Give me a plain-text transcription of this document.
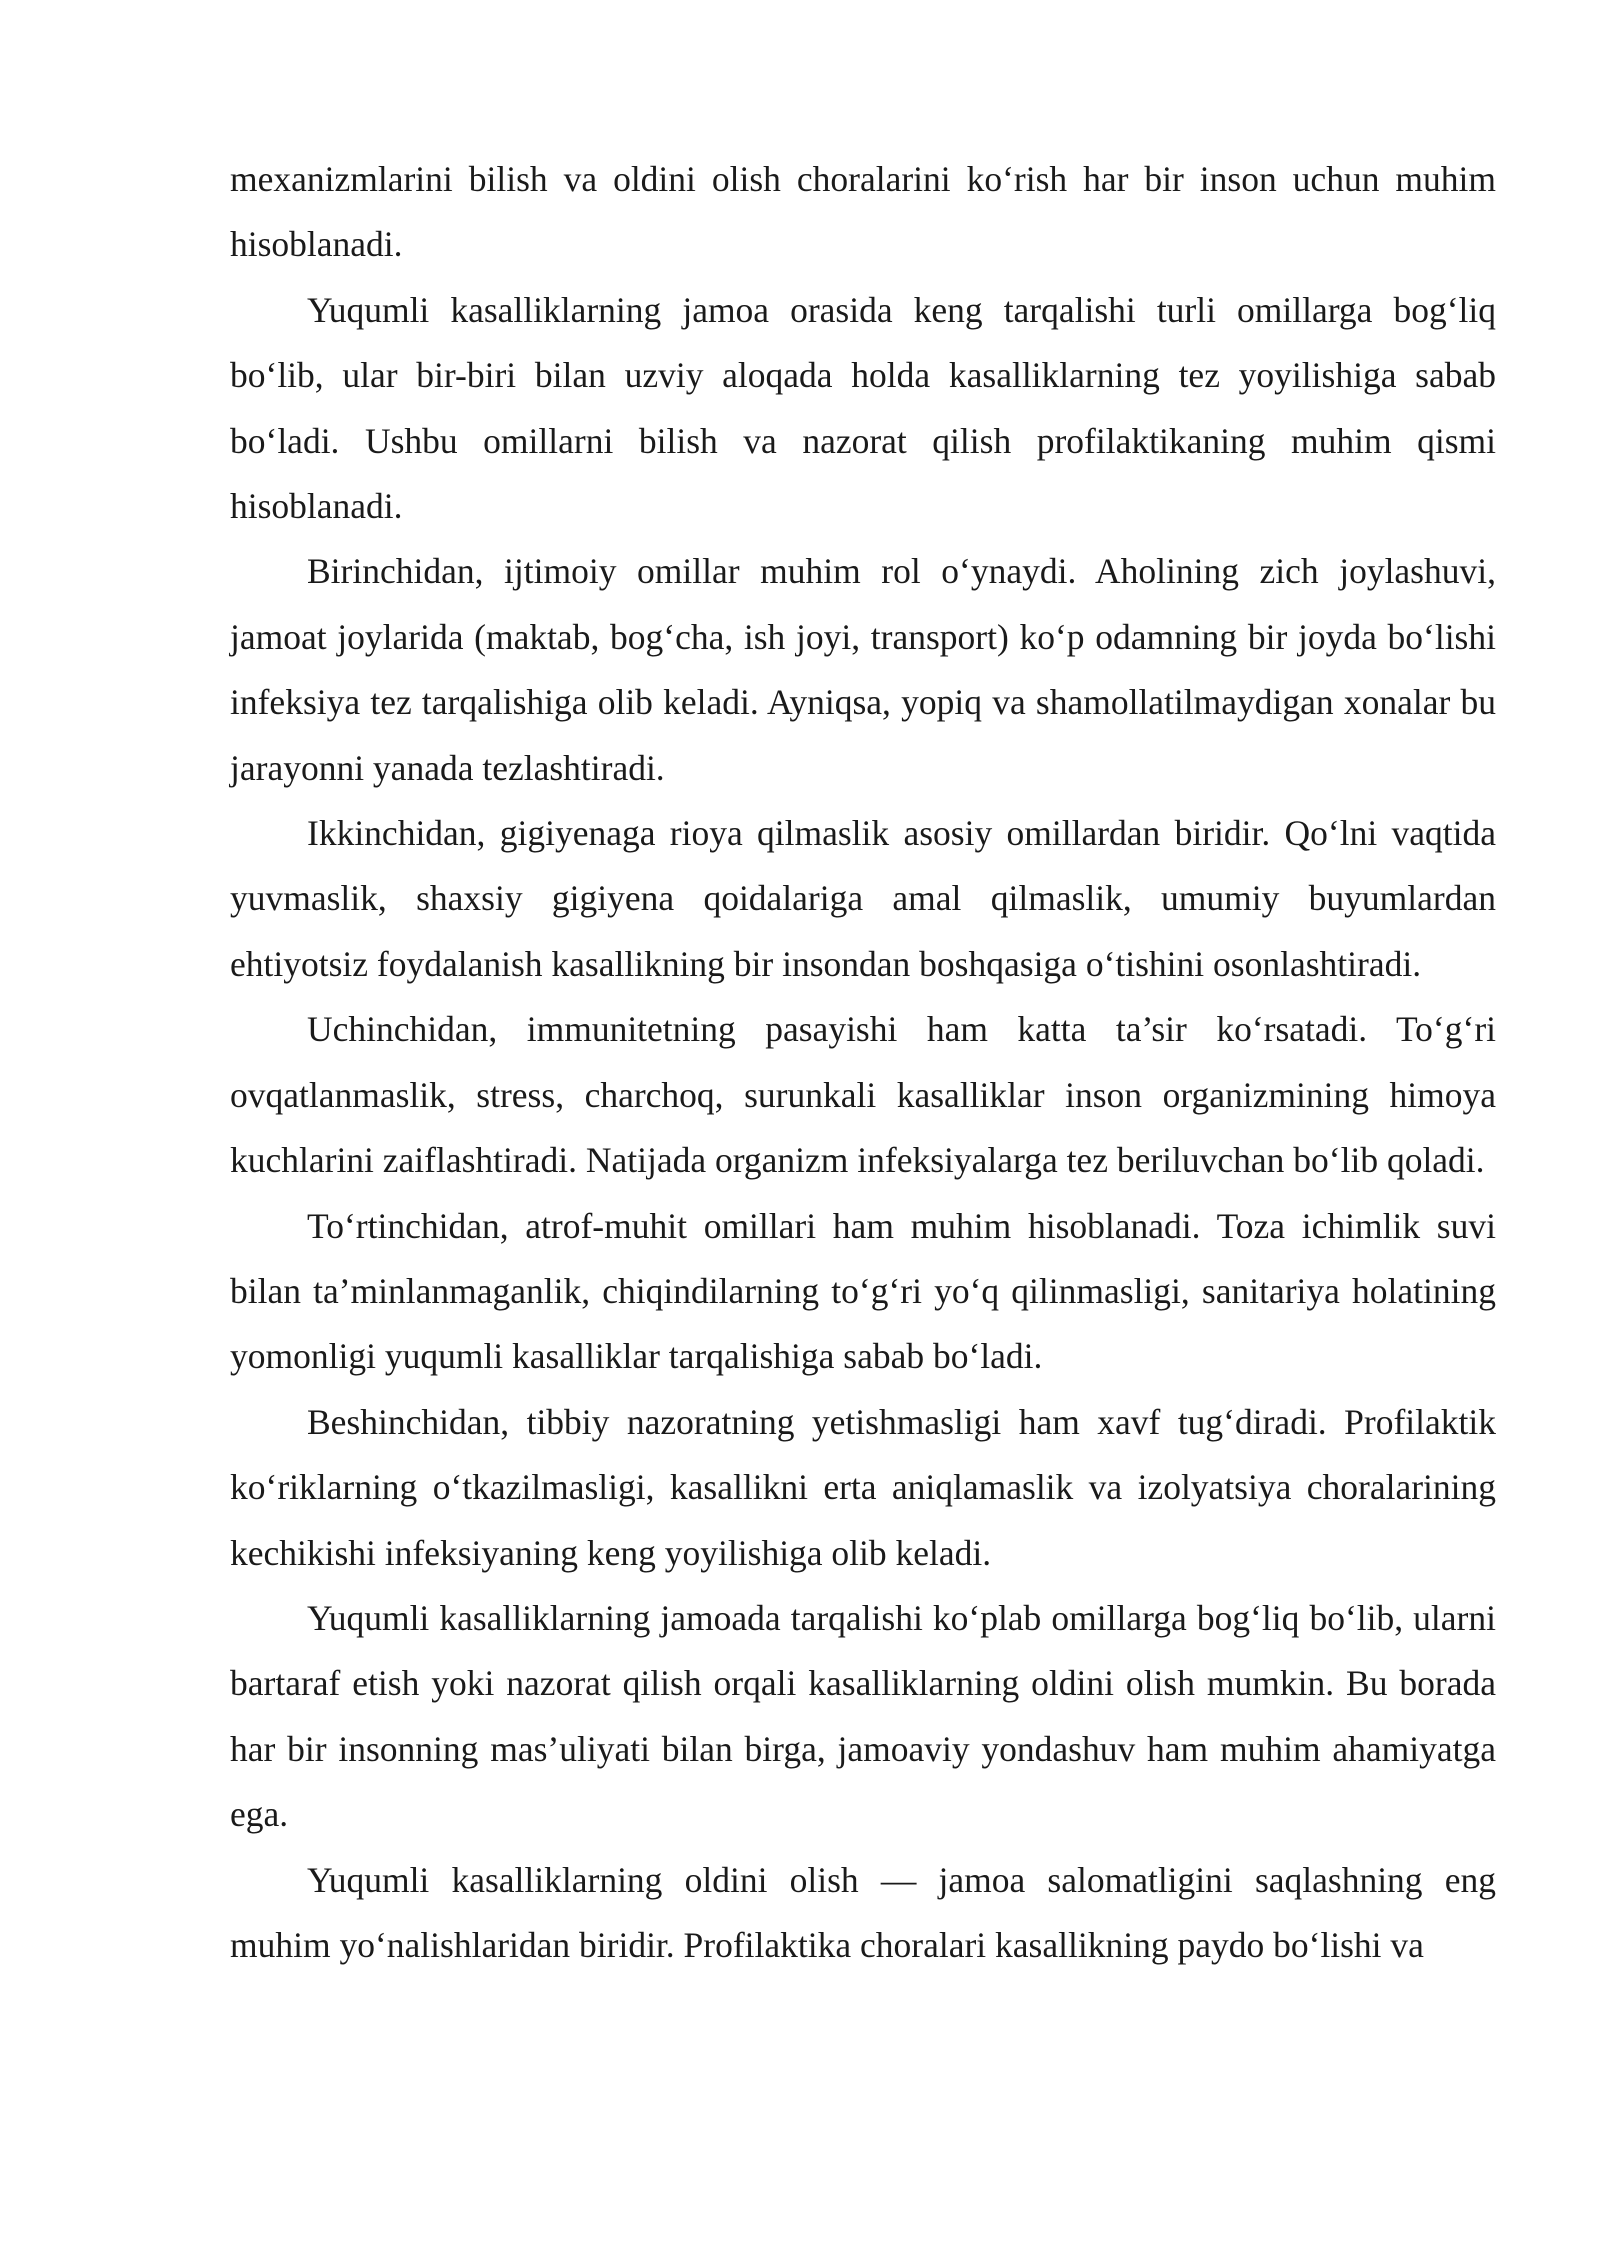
mexanizmlarini bilish va oldini olish choralarini ko‘rish har bir inson uchun muhim hisoblanadi.

Yuqumli kasalliklarning jamoa orasida keng tarqalishi turli omillarga bog‘liq bo‘lib, ular bir-biri bilan uzviy aloqada holda kasalliklarning tez yoyilishiga sabab bo‘ladi. Ushbu omillarni bilish va nazorat qilish profilaktikaning muhim qismi hisoblanadi.

Birinchidan, ijtimoiy omillar muhim rol o‘ynaydi. Aholining zich joylashuvi, jamoat joylarida (maktab, bog‘cha, ish joyi, transport) ko‘p odamning bir joyda bo‘lishi infeksiya tez tarqalishiga olib keladi. Ayniqsa, yopiq va shamollatilmaydigan xonalar bu jarayonni yanada tezlashtiradi.

Ikkinchidan, gigiyenaga rioya qilmaslik asosiy omillardan biridir. Qo‘lni vaqtida yuvmaslik, shaxsiy gigiyena qoidalariga amal qilmaslik, umumiy buyumlardan ehtiyotsiz foydalanish kasallikning bir insondan boshqasiga o‘tishini osonlashtiradi.

Uchinchidan, immunitetning pasayishi ham katta ta’sir ko‘rsatadi. To‘g‘ri ovqatlanmaslik, stress, charchoq, surunkali kasalliklar inson organizmining himoya kuchlarini zaiflashtiradi. Natijada organizm infeksiyalarga tez beriluvchan bo‘lib qoladi.

To‘rtinchidan, atrof-muhit omillari ham muhim hisoblanadi. Toza ichimlik suvi bilan ta’minlanmaganlik, chiqindilarning to‘g‘ri yo‘q qilinmasligi, sanitariya holatining yomonligi yuqumli kasalliklar tarqalishiga sabab bo‘ladi.

Beshinchidan, tibbiy nazoratning yetishmasligi ham xavf tug‘diradi. Profilaktik ko‘riklarning o‘tkazilmasligi, kasallikni erta aniqlamaslik va izolyatsiya choralarining kechikishi infeksiyaning keng yoyilishiga olib keladi.

Yuqumli kasalliklarning jamoada tarqalishi ko‘plab omillarga bog‘liq bo‘lib, ularni bartaraf etish yoki nazorat qilish orqali kasalliklarning oldini olish mumkin. Bu borada har bir insonning mas’uliyati bilan birga, jamoaviy yondashuv ham muhim ahamiyatga ega.

Yuqumli kasalliklarning oldini olish — jamoa salomatligini saqlashning eng muhim yo‘nalishlaridan biridir. Profilaktika choralari kasallikning paydo bo‘lishi va
